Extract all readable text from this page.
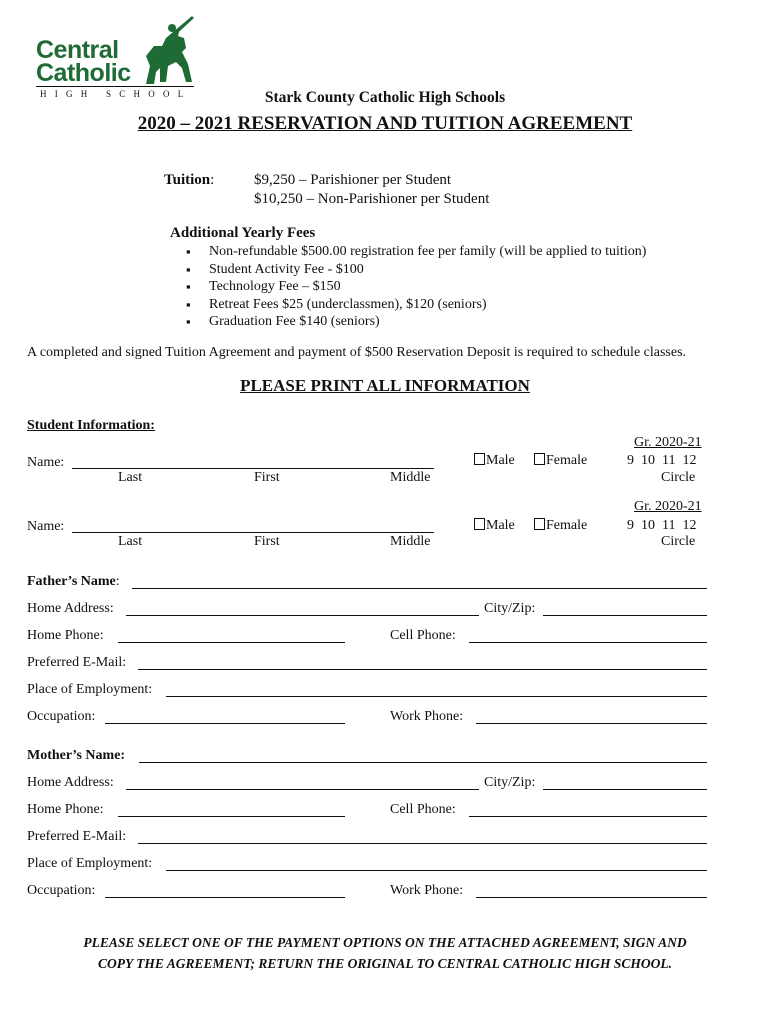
Central
Catholic
H I G H   S C H O O L	Stark County Catholic High Schools
2020 – 2021 RESERVATION AND TUITION AGREEMENT
Tuition:	$9,250 – Parishioner per Student
$10,250 – Non-Parishioner per Student
Additional Yearly Fees
▪ Non-refundable $500.00 registration fee per family (will be applied to tuition)
▪ Student Activity Fee - $100
▪ Technology Fee – $150
▪ Retreat Fees $25 (underclassmen), $120 (seniors)
▪ Graduation Fee $140 (seniors)
A completed and signed Tuition Agreement and payment of $500 Reservation Deposit is required to schedule classes.
PLEASE PRINT ALL INFORMATION
Student Information:
Name:
Last	First	Middle
Male	Female
Gr. 2020-21
9  10  11  12
Circle
Name:
Last	First	Middle
Male	Female
Gr. 2020-21
9  10  11  12
Circle
Father’s Name:
Home Address:	City/Zip:
Home Phone:	Cell Phone:
Preferred E-Mail:
Place of Employment:
Occupation:	Work Phone:
Mother’s Name:
Home Address:	City/Zip:
Home Phone:	Cell Phone:
Preferred E-Mail:
Place of Employment:
Occupation:	Work Phone:
PLEASE SELECT ONE OF THE PAYMENT OPTIONS ON THE ATTACHED AGREEMENT, SIGN AND
COPY THE AGREEMENT; RETURN THE ORIGINAL TO CENTRAL CATHOLIC HIGH SCHOOL.
